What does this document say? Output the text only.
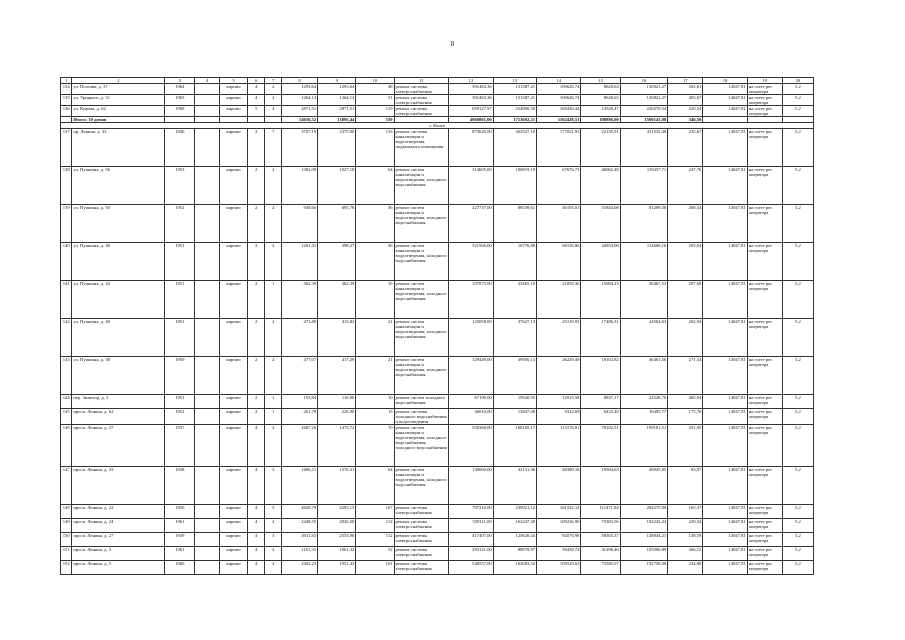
8
1	2	3	4	5	6	7	8	9	10	11	12	13	14	15	16	17	18	19	20
134	ул. Полтава, д. 37	1964		кирпич	4	2	1293,64	1293,64	48	ремонт системы электроснабжения	391463,36	151387,21	100626,74	8628,63	130821,27	302,61	14047,81	на счете рег. оператора	5,2
135	ул. Урицкого, д. 31	1965		кирпич	4	2	1264,14	1264,14	51	ремонт системы электроснабжения	391463,36	151387,21	100626,74	8628,63	130821,27	303,67	14047,81	на счете рег. оператора	5,2
136	ул. Кирова, д. 62	1968		кирпич	5	4	2871,51	2871,51	119	ремонт системы электроснабжения	659127,97	254890,50	169430,44	14528,47	220270,54	229,54	14047,81	на счете рег. оператора	5,2
	Итого: 10 домов						14036,52	13895,44	539		4960861,00	1713692,21	1162428,51	108896,00	1500143,88	346,50			
г. Канск																			
137	пр. Ленина, д. 33	1940		кирпич	3	7	3707,19	2375,90	133	ремонт системы канализации и водоотведения, подвального помещения	873645,00	262927,10	177021,93	22150,91	411535,46	235,67	14047,81	на счете рег. оператора	5,2
138	ул. Пушкина, д. 56	1953		кирпич	2	2	1382,09	1027,18	64	ремонт систем канализации и водоотведения, холодного водоснабжения	314605,00	100819,19	67676,73	46062,48	119457,71	247,76	14047,81	на счете рег. оператора	5,2
139	ул. Пушкина, д. 50	1952		кирпич	2	2	948,66	695,78	36	ремонт систем канализации и водоотведения, холодного водоснабжения	227737,00	88539,61	46105,01	31844,08	81209,30	268,34	14047,81	на счете рег. оператора	5,2
140	ул. Пушкина, д. 48	1951		кирпич	3	2	1281,41	398,27	36	ремонт систем канализации и водоотведения, холодного водоснабжения	321566,00	16776,88	68156,86	44954,08	114606,16	293,04	14047,81	на счете рег. оператора	5,2
141	ул. Пушкина, д. 44	1951		кирпич	2	1	362,39	362,39	19	ремонт систем канализации и водоотведения, холодного водоснабжения	107875,00	33465,18	21858,36	15084,23	36467,53	297,68	14047,81	на счете рег. оператора	5,2
142	ул. Пушкина, д. 40	1951		кирпич	2	2	473,80	413,82	21	ремонт систем канализации и водоотведения, холодного водоснабжения	125058,00	37627,13	25139,93	17486,31	44504,63	262,94	14047,81	на счете рег. оператора	5,2
143	ул. Пушкина, д. 38	1950		кирпич	2	2	477,07	417,29	21	ремонт систем канализации и водоотведения, холодного водоснабжения	129449,00	39956,13	26229,49	18102,82	46461,56	271,34	14047,81	на счете рег. оператора	5,2
144	пер. Зимнтор, д. 3	1951		кирпич	2	1	155,84	116,90	10	ремонт систем холодного водоснабжения	67199,00	19920,05	12915,58	8837,17	22526,70	465,94	14047,81	на счете рег. оператора	5,2
145	просп. Ленина, д. 62	1952		кирпич	2	1	261,78	226,90	15	ремонт системы холодного водоснабжения и водоотведения	46010,00	13847,06	9322,69	6433,48	16495,77	175,76	14047,81	на счете рег. оператора	5,2
146	просп. Ленина, д. 27	1937		кирпич	4	2	1687,26	1473,72	70	ремонт систем канализации и водоотведения, холодного водоснабжения, холодного водоснабжения	558368,00	168105,17	113176,81	78102,51	199181,51	331,05	14047,81	на счете рег. оператора	5,2
147	просп. Ленина, д. 33	1938		кирпич	4	3	1686,11	1576,31	64	ремонт систем канализации и водоотведения, холодного водоснабжения	140060,00	42131,36	28390,16	19584,63	49945,85	83,07	14047,81	на счете рег. оператора	5,2
148	просп. Ленина, д. 22	1950		кирпич	4	5	4820,79	4293,15	167	ремонт системы электроснабжения	797210,00	239921,12	161532,14	111471,84	284275,90	165,37	14047,81	на счете рег. оператора	5,2
149	просп. Ленина, д. 24	1961		кирпич	4	4	2448,55	2026,50	112	ремонт системы электроснабжения	539111,00	162247,30	109236,90	75383,56	192243,24	229,34	14047,81	на счете рег. оператора	5,2
150	просп. Ленина, д. 27	1939		кирпич	4	3	3011,83	2553,90	112	ремонт системы электроснабжения	417407,00	125620,44	84576,98	58365,37	148844,21	138,59	14047,81	на счете рег. оператора	5,2
151	просп. Ленина, д. 3	1961		кирпич	4	2	1101,31	1061,32	52	ремонт системы электроснабжения	293121,00	88878,97	59438,72	41296,46	103506,89	266,15	14047,81	на счете рег. оператора	5,2
152	просп. Ленина, д. 5	1960		кирпич	4	4	2302,23	1951,43	101	ремонт системы электроснабжения	540557,00	162683,32	109529,63	75585,07	192758,06	234,80	14047,81	на счете рег. оператора	5,2
